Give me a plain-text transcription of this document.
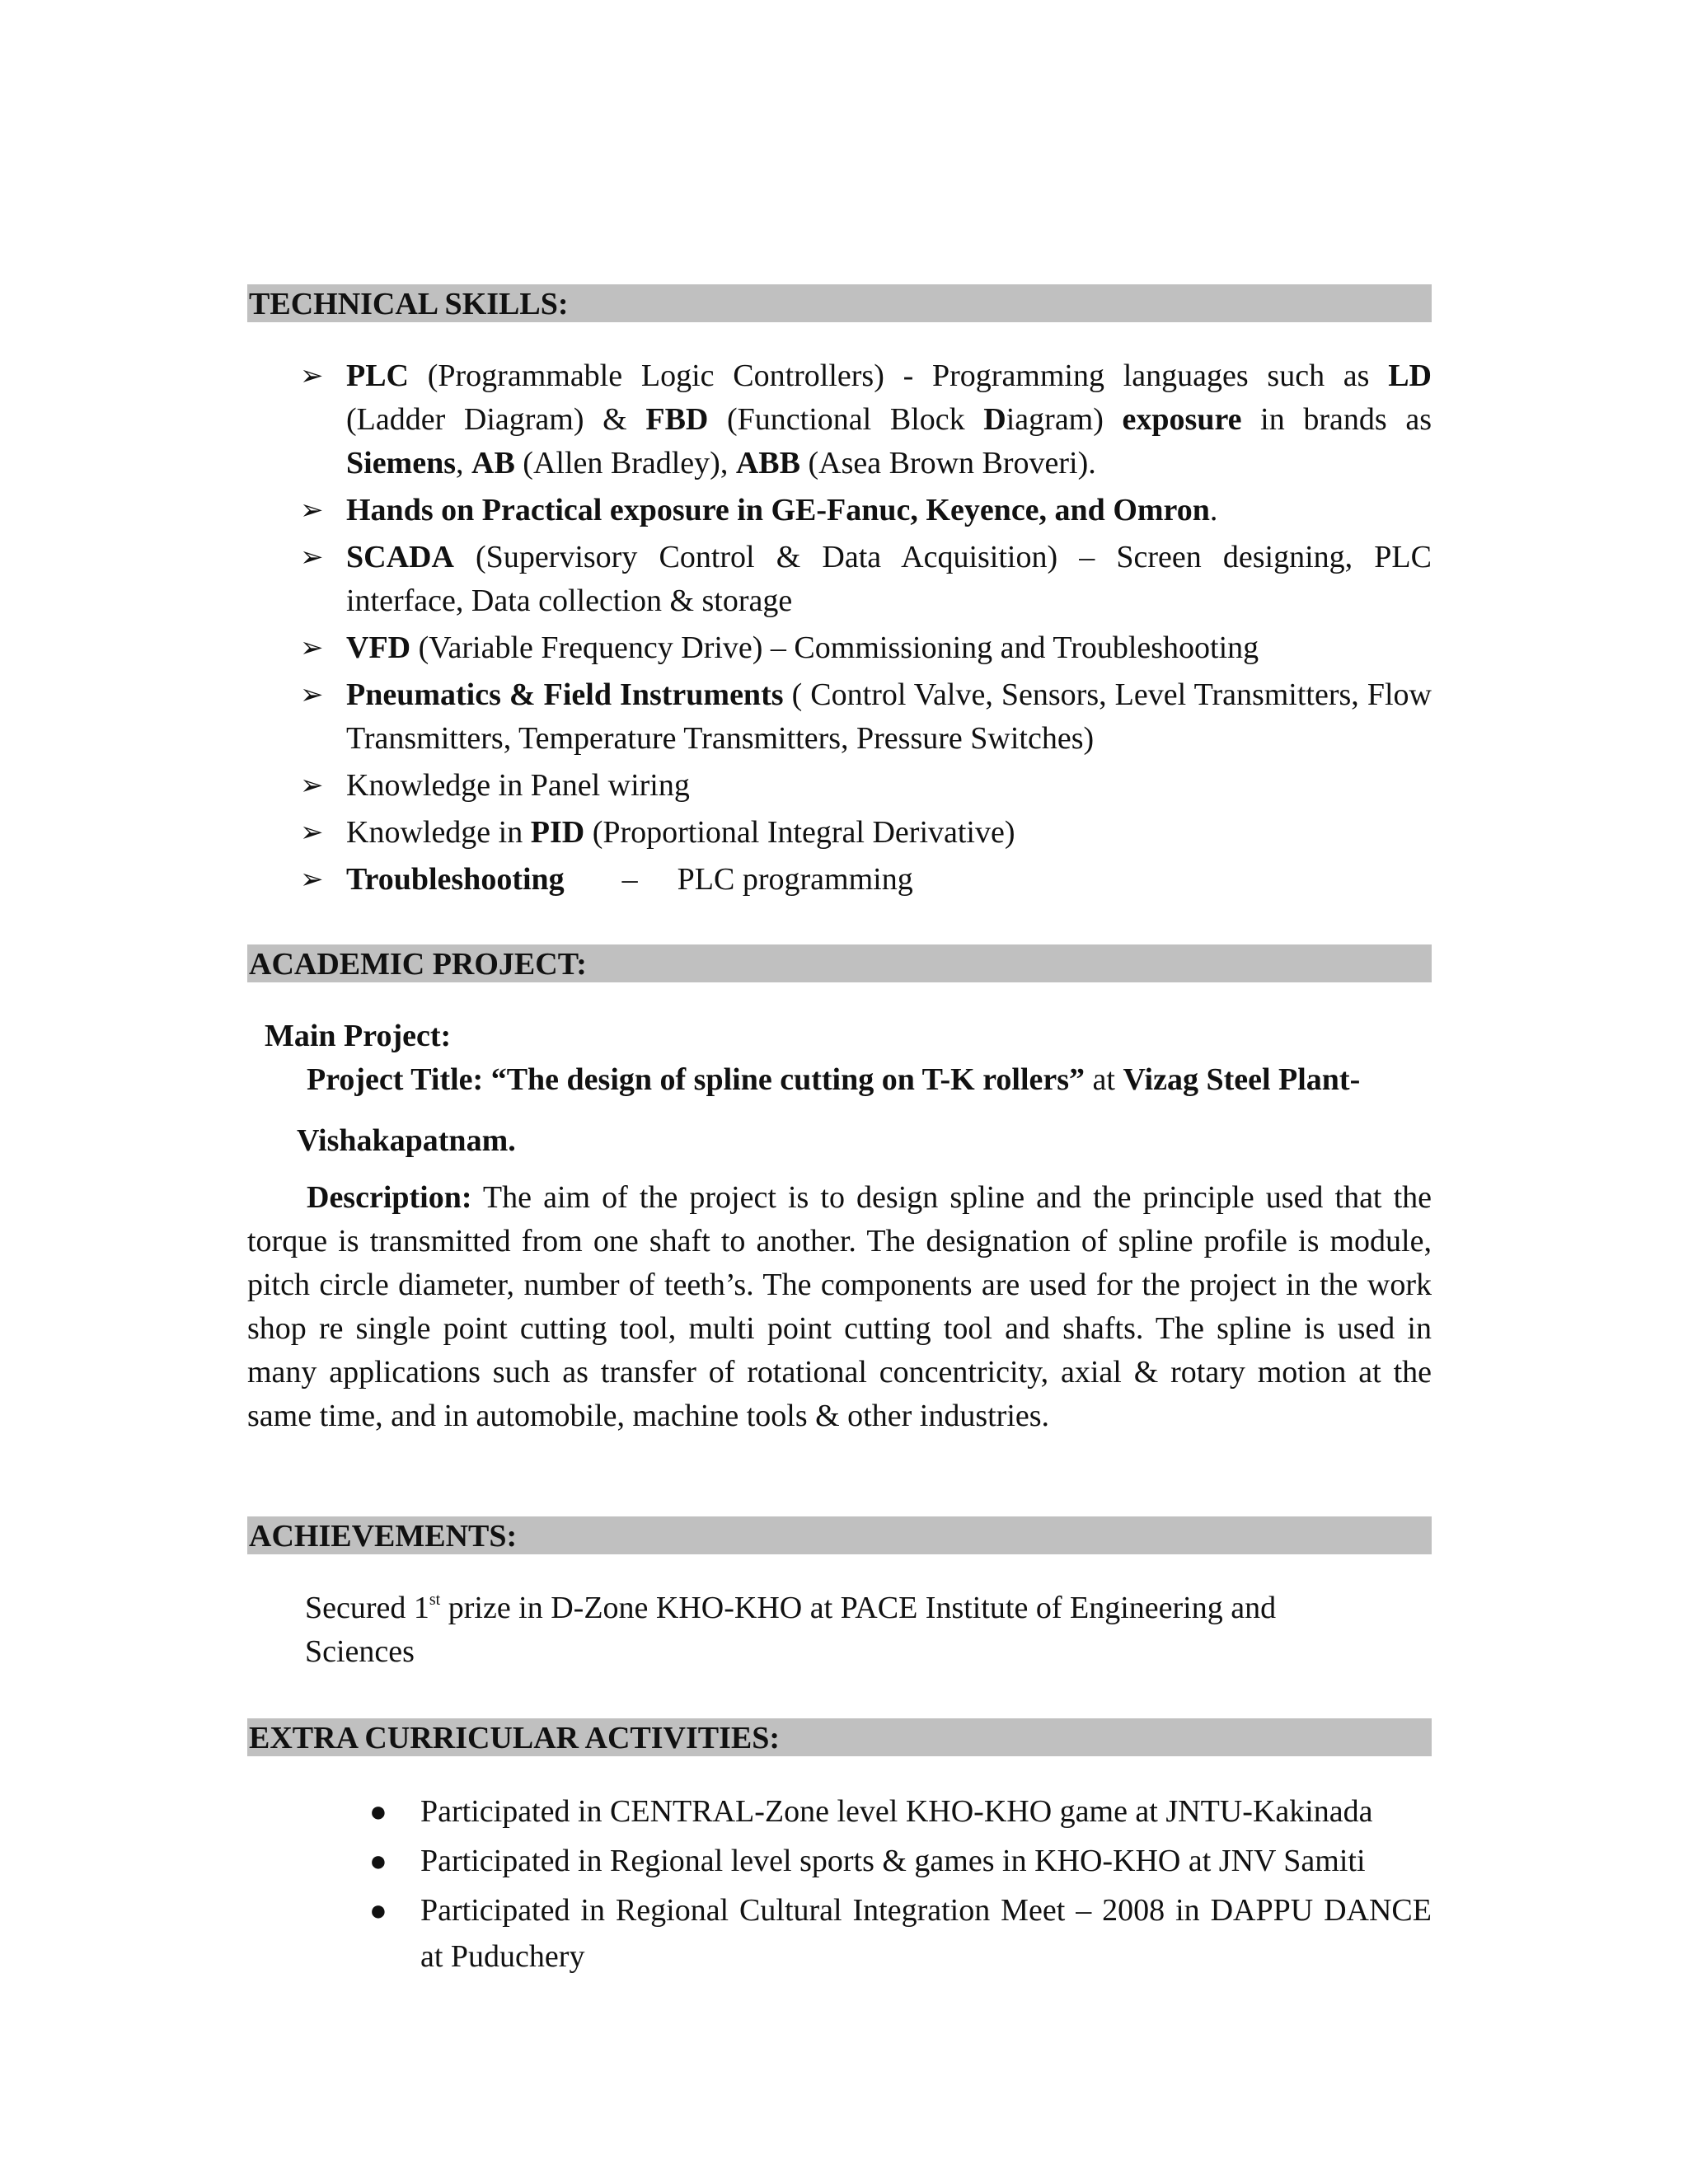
TECHNICAL SKILLS:
➢ PLC (Programmable Logic Controllers) - Programming languages such as LD (Ladder Diagram) & FBD (Functional Block Diagram) exposure in brands as Siemens, AB (Allen Bradley), ABB (Asea Brown Broveri).
➢ Hands on Practical exposure in GE-Fanuc, Keyence, and Omron.
➢ SCADA (Supervisory Control & Data Acquisition) – Screen designing, PLC interface, Data collection & storage
➢ VFD (Variable Frequency Drive) – Commissioning and Troubleshooting
➢ Pneumatics & Field Instruments ( Control Valve, Sensors, Level Transmitters, Flow Transmitters, Temperature Transmitters, Pressure Switches)
➢ Knowledge in Panel wiring
➢ Knowledge in PID (Proportional Integral Derivative)
➢ Troubleshooting – PLC programming
ACADEMIC PROJECT:
Main Project:
Project Title: “The design of spline cutting on T-K rollers” at Vizag Steel Plant-
Vishakapatnam.
Description: The aim of the project is to design spline and the principle used that the torque is transmitted from one shaft to another. The designation of spline profile is module, pitch circle diameter, number of teeth’s. The components are used for the project in the work shop re single point cutting tool, multi point cutting tool and shafts. The spline is used in many applications such as transfer of rotational concentricity, axial & rotary motion at the same time, and in automobile, machine tools & other industries.
ACHIEVEMENTS:
Secured 1st prize in D-Zone KHO-KHO at PACE Institute of Engineering and Sciences
EXTRA CURRICULAR ACTIVITIES:
● Participated in CENTRAL-Zone level KHO-KHO game at JNTU-Kakinada
● Participated in Regional level sports & games in KHO-KHO at JNV Samiti
● Participated in Regional Cultural Integration Meet – 2008 in DAPPU DANCE at Puduchery
